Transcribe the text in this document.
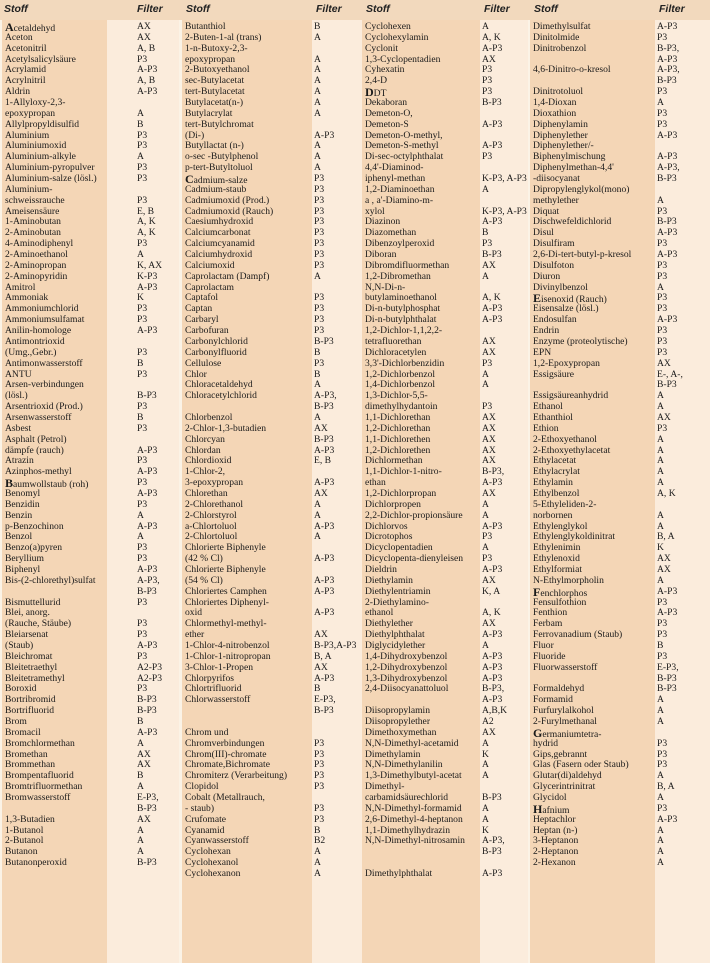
Stoff	Filter Stoff	Filter Stoff	Filter Stoff	Filter
Acetaldehyd	AX
Aceton	AX
Acetonitril	A, B
Acetylsalicylsäure	P3
Acrylamid	A-P3
Acrylnitril	A, B
Aldrin	A-P3
1-Allyloxy-2,3-
epoxypropan	A
Allylpropyldisulfid	B
Aluminium	P3
Aluminiumoxid	P3
Aluminium-alkyle	A
Aluminium-pyropulver	P3
Aluminium-salze (lösl.)	P3
Aluminium-
schweissrauche	P3
Ameisensäure	E, B
1-Aminobutan	A, K
2-Aminobutan	A, K
4-Aminodiphenyl	P3
2-Aminoethanol	A
2-Aminopropan	K, AX
2-Aminopyridin	K-P3
Amitrol	A-P3
Ammoniak	K
Ammoniumchlorid	P3
Ammoniumsulfamat	P3
Anilin-homologe	A-P3
Antimontrioxid
(Umg.,Gebr.)	P3
Antimonwasserstoff	B
ANTU	P3
Arsen-verbindungen
(lösl.)	B-P3
Arsentrioxid (Prod.)	P3
Arsenwasserstoff	B
Asbest	P3
Asphalt (Petrol)
dämpfe (rauch)	A-P3
Atrazin	P3
Azinphos-methyl	A-P3
Baumwollstaub (roh)	P3
Benomyl	A-P3
Benzidin	P3
Benzin	A
p-Benzochinon	A-P3
Benzol	A
Benzo(a)pyren	P3
Beryllium	P3
Biphenyl	A-P3
Bis-(2-chlorethyl)sulfat	A-P3,
B-P3
Bismuttellurid	P3
Blei, anorg.
(Rauche, Stäube)	P3
Bleiarsenat	P3
(Staub)	A-P3
Bleichromat	P3
Bleitetraethyl	A2-P3
Bleitetramethyl	A2-P3
Boroxid	P3
Bortribromid	B-P3
Bortrifluorid	B-P3
Brom	B
Bromacil	A-P3
Bromchlormethan	A
Bromethan	AX
Brommethan	AX
Brompentafluorid	B
Bromtrifluormethan	A
Bromwasserstoff	E-P3,
B-P3
1,3-Butadien	AX
1-Butanol	A
2-Butanol	A
Butanon	A
Butanonperoxid	B-P3
Butanthiol	B
2-Buten-1-al (trans)	A
1-n-Butoxy-2,3-
epoxypropan	A
2-Butoxyethanol	A
sec-Butylacetat	A
tert-Butylacetat	A
Butylacetat(n-)	A
Butylacrylat	A
tert-Butylchromat
(Di-)	A-P3
Butyllactat (n-)	A
o-sec -Butylphenol	A
p-tert-Butyltoluol	A
Cadmium-salze	P3
Cadmium-staub	P3
Cadmiumoxid (Prod.)	P3
Cadmiumoxid (Rauch)	P3
Caesiumhydroxid	P3
Calciumcarbonat	P3
Calciumcyanamid	P3
Calciumhydroxid	P3
Calciumoxid	P3
Caprolactam (Dampf)	A
Caprolactam
Captafol	P3
Captan	P3
Carbaryl	P3
Carbofuran	P3
Carbonylchlorid	B-P3
Carbonylfluorid	B
Cellulose	P3
Chlor	B
Chloracetaldehyd	A
Chloracetylchlorid	A-P3,
B-P3
Chlorbenzol	A
2-Chlor-1,3-butadien	AX
Chlorcyan	B-P3
Chlordan	A-P3
Chlordioxid	E, B
1-Chlor-2,
3-epoxypropan	A-P3
Chlorethan	AX
2-Chlorethanol	A
2-Chlorstyrol	A
a-Chlortoluol	A-P3
2-Chlortoluol	A
Chlorierte Biphenyle
(42 % Cl)	A-P3
Chlorierte Biphenyle
(54 % Cl)	A-P3
Chloriertes Camphen	A-P3
Chloriertes Diphenyl-
oxid	A-P3
Chlormethyl-methyl-
ether	AX
1-Chlor-4-nitrobenzol	B-P3,A-P3
1-Chlor-1-nitropropan	B, A
3-Chlor-1-Propen	AX
Chlorpyrifos	A-P3
Chlortrifluorid	B
Chlorwasserstoff	E-P3,
B-P3
Chrom und
Chromverbindungen	P3
Chrom(III)-chromate	P3
Chromate,Bichromate	P3
Chromiterz (Verarbeitung)	P3
Clopidol	P3
Cobalt (Metallrauch,
- staub)	P3
Crufomate	P3
Cyanamid	B
Cyanwasserstoff	B2
Cyclohexan	A
Cyclohexanol	A
Cyclohexanon	A
Cyclohexen	A
Cyclohexylamin	A, K
Cyclonit	A-P3
1,3-Cyclopentadien	AX
Cyhexatin	P3
2,4-D	P3
DDT	P3
Dekaboran	B-P3
Demeton-O,
Demeton-S	A-P3
Demeton-O-methyl,
Demeton-S-methyl	A-P3
Di-sec-octylphthalat	P3
4,4'-Diaminod-
iphenyl-methan	K-P3, A-P3
1,2-Diaminoethan	A
a , a'-Diamino-m-
xylol	K-P3, A-P3
Diazinon	A-P3
Diazomethan	B
Dibenzoylperoxid	P3
Diboran	B-P3
Dibromdifluormethan	AX
1,2-Dibromethan	A
N,N-Di-n-
butylaminoethanol	A, K
Di-n-butylphosphat	A-P3
Di-n-butylphthalat	A-P3
1,2-Dichlor-1,1,2,2-
tetrafluorethan	AX
Dichloracetylen	AX
3,3'-Dichlorbenzidin	P3
1,2-Dichlorbenzol	A
1,4-Dichlorbenzol	A
1,3-Dichlor-5,5-
dimethylhydantoin	P3
1,1-Dichlorethan	AX
1,2-Dichlorethan	AX
1,1-Dichlorethen	AX
1,2-Dichlorethen	AX
Dichlormethan	AX
1,1-Dichlor-1-nitro-	B-P3,
ethan	A-P3
1,2-Dichlorpropan	AX
Dichlorpropen	A
2,2-Dichlor-propionsäure A
Dichlorvos	A-P3
Dicrotophos	P3
Dicyclopentadien	A
Dicyclopenta-dienyleisen P3
Dieldrin	A-P3
Diethylamin	AX
Diethylentriamin	K, A
2-Diethylamino-
ethanol	A, K
Diethylether	AX
Diethylphthalat	A-P3
Diglycidylether	A
1,4-Dihydroxybenzol	A-P3
1,2-Dihydroxybenzol	A-P3
1,3-Dihydroxybenzol	A-P3
2,4-Diisocyanattoluol	B-P3,
A-P3
Diisopropylamin	A,B,K
Diisopropylether	A2
Dimethoxymethan	AX
N,N-Dimethyl-acetamid A
Dimethylamin	K
N,N-Dimethylanilin	A
1,3-Dimethylbutyl-acetat A
Dimethyl-
carbamidsäurechlorid	B-P3
N,N-Dimethyl-formamid A
2,6-Dimethyl-4-heptanon A
1,1-Dimethylhydrazin	K
N,N-Dimethyl-nitrosamin A-P3,
B-P3
Dimethylphthalat	A-P3
Dimethylsulfat	A-P3
Dinitolmide	P3
Dinitrobenzol	B-P3,
A-P3
4,6-Dinitro-o-kresol	A-P3,
B-P3
Dinitrotoluol	P3
1,4-Dioxan	A
Dioxathion	P3
Diphenylamin	P3
Diphenylether	A-P3
Diphenylether/-
Biphenylmischung	A-P3
Diphenylmethan-4,4'	A-P3,
-diisocyanat	B-P3
Dipropylenglykol(mono)
methylether	A
Diquat	P3
Dischwefeldichlorid	B-P3
Disul	A-P3
Disulfiram	P3
2,6-Di-tert-butyl-p-kresol	A-P3
Disulfoton	P3
Diuron	P3
Divinylbenzol	A
Eisenoxid (Rauch)	P3
Eisensalze (lösl.)	P3
Endosulfan	A-P3
Endrin	P3
Enzyme (proteolytische)	P3
EPN	P3
1,2-Epoxypropan	AX
Essigsäure	E-, A-,
B-P3
Essigsäureanhydrid	A
Ethanol	A
Ethanthiol	AX
Ethion	P3
2-Ethoxyethanol	A
2-Ethoxyethylacetat	A
Ethylacetat	A
Ethylacrylat	A
Ethylamin	A
Ethylbenzol	A, K
5-Ethyleliden-2-
norbornen	A
Ethylenglykol	A
Ethylenglykoldinitrat	B, A
Ethylenimin	K
Ethylenoxid	AX
Ethylformiat	AX
N-Ethylmorpholin	A
Fenchlorphos	A-P3
Fensulfothion	P3
Fenthion	A-P3
Ferbam	P3
Ferrovanadium (Staub)	P3
Fluor	B
Fluoride	P3
Fluorwasserstoff	E-P3,
B-P3
Formaldehyd	B-P3
Formamid	A
Furfurylalkohol	A
2-Furylmethanal	A
Germaniumtetra-
hydrid	P3
Gips,gebrannt	P3
Glas (Fasern oder Staub)	P3
Glutar(di)aldehyd	A
Glycerintrinitrat	B, A
Glycidol	A
Hafnium	P3
Heptachlor	A-P3
Heptan (n-)	A
3-Heptanon	A
2-Heptanon	A
2-Hexanon	A
